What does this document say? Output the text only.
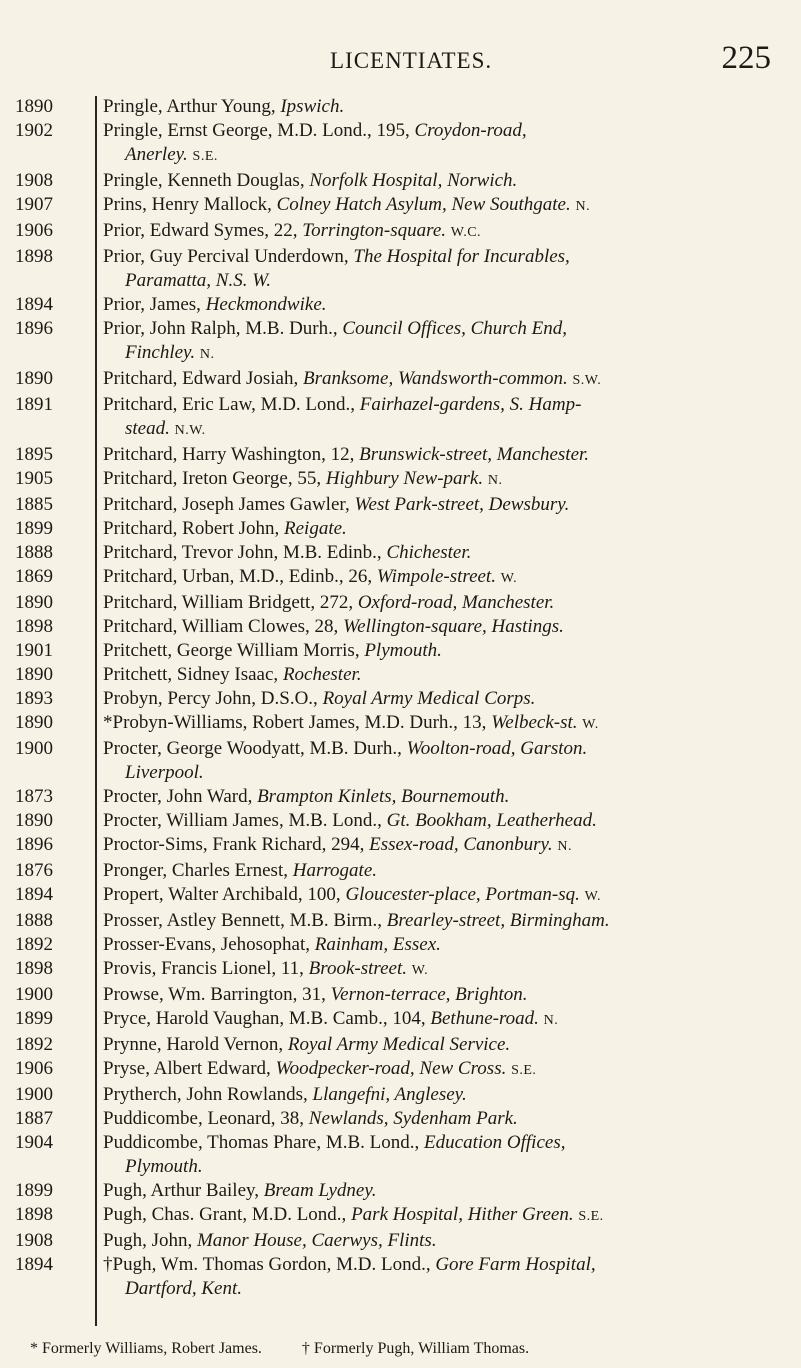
LICENTIATES.	225
1890	Pringle, Arthur Young, Ipswich.
1902	Pringle, Ernst George, M.D. Lond., 195, Croydon-road,
Anerley. S.E.
1908	Pringle, Kenneth Douglas, Norfolk Hospital, Norwich.
1907	Prins, Henry Mallock, Colney Hatch Asylum, New Southgate. N.
1906	Prior, Edward Symes, 22, Torrington-square. W.C.
1898	Prior, Guy Percival Underdown, The Hospital for Incurables,
Paramatta, N.S. W.
1894	Prior, James, Heckmondwike.
1896	Prior, John Ralph, M.B. Durh., Council Offices, Church End,
Finchley. N.
1890	Pritchard, Edward Josiah, Branksome, Wandsworth-common. S.W.
1891	Pritchard, Eric Law, M.D. Lond., Fairhazel-gardens, S. Hamp-
stead. N.W.
1895	Pritchard, Harry Washington, 12, Brunswick-street, Manchester.
1905	Pritchard, Ireton George, 55, Highbury New-park. N.
1885	Pritchard, Joseph James Gawler, West Park-street, Dewsbury.
1899	Pritchard, Robert John, Reigate.
1888	Pritchard, Trevor John, M.B. Edinb., Chichester.
1869	Pritchard, Urban, M.D., Edinb., 26, Wimpole-street. W.
1890	Pritchard, William Bridgett, 272, Oxford-road, Manchester.
1898	Pritchard, William Clowes, 28, Wellington-square, Hastings.
1901	Pritchett, George William Morris, Plymouth.
1890	Pritchett, Sidney Isaac, Rochester.
1893	Probyn, Percy John, D.S.O., Royal Army Medical Corps.
1890	*Probyn-Williams, Robert James, M.D. Durh., 13, Welbeck-st. W.
1900	Procter, George Woodyatt, M.B. Durh., Woolton-road, Garston.
Liverpool.
1873	Procter, John Ward, Brampton Kinlets, Bournemouth.
1890	Procter, William James, M.B. Lond., Gt. Bookham, Leatherhead.
1896	Proctor-Sims, Frank Richard, 294, Essex-road, Canonbury. N.
1876	Pronger, Charles Ernest, Harrogate.
1894	Propert, Walter Archibald, 100, Gloucester-place, Portman-sq. W.
1888	Prosser, Astley Bennett, M.B. Birm., Brearley-street, Birmingham.
1892	Prosser-Evans, Jehosophat, Rainham, Essex.
1898	Provis, Francis Lionel, 11, Brook-street. W.
1900	Prowse, Wm. Barrington, 31, Vernon-terrace, Brighton.
1899	Pryce, Harold Vaughan, M.B. Camb., 104, Bethune-road. N.
1892	Prynne, Harold Vernon, Royal Army Medical Service.
1906	Pryse, Albert Edward, Woodpecker-road, New Cross. S.E.
1900	Prytherch, John Rowlands, Llangefni, Anglesey.
1887	Puddicombe, Leonard, 38, Newlands, Sydenham Park.
1904	Puddicombe, Thomas Phare, M.B. Lond., Education Offices,
Plymouth.
1899	Pugh, Arthur Bailey, Bream Lydney.
1898	Pugh, Chas. Grant, M.D. Lond., Park Hospital, Hither Green. S.E.
1908	Pugh, John, Manor House, Caerwys, Flints.
1894	†Pugh, Wm. Thomas Gordon, M.D. Lond., Gore Farm Hospital,
Dartford, Kent.
* Formerly Williams, Robert James.	† Formerly Pugh, William Thomas.
